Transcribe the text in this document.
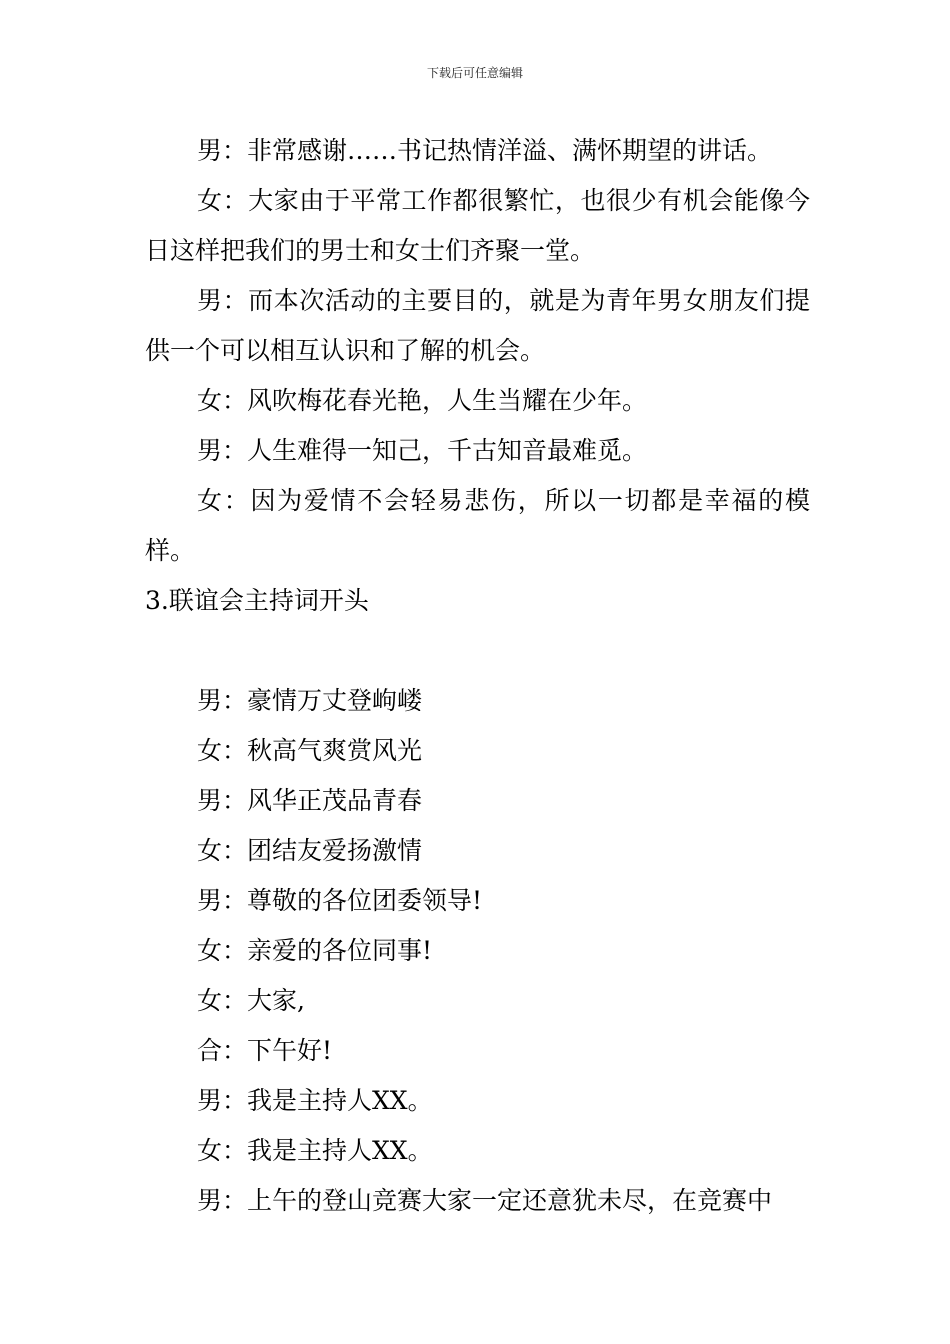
下载后可任意编辑

男：非常感谢……书记热情洋溢、满怀期望的讲话。

女：大家由于平常工作都很繁忙，也很少有机会能像今日这样把我们的男士和女士们齐聚一堂。

男：而本次活动的主要目的，就是为青年男女朋友们提供一个可以相互认识和了解的机会。

女：风吹梅花春光艳，人生当耀在少年。

男：人生难得一知己，千古知音最难觅。

女：因为爱情不会轻易悲伤，所以一切都是幸福的模样。

3.联谊会主持词开头

男：豪情万丈登岣嵝

女：秋高气爽赏风光

男：风华正茂品青春

女：团结友爱扬激情

男：尊敬的各位团委领导!

女：亲爱的各位同事!

女：大家,

合：下午好!

男：我是主持人XX。

女：我是主持人XX。

男：上午的登山竞赛大家一定还意犹未尽，在竞赛中
